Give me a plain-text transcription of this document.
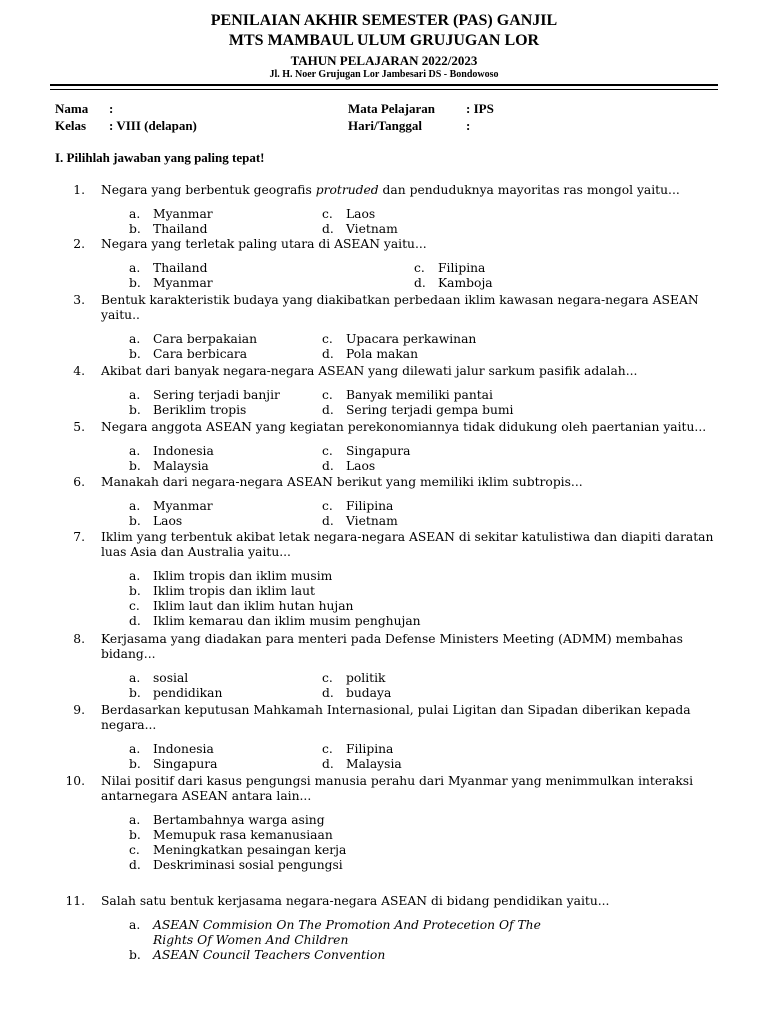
PENILAIAN AKHIR SEMESTER (PAS) GANJIL
MTS MAMBAUL ULUM GRUJUGAN LOR
TAHUN PELAJARAN 2022/2023
Jl. H. Noer Grujugan Lor Jambesari DS - Bondowoso
Nama :
Kelas : VIII (delapan)
Mata Pelajaran : IPS
Hari/Tanggal	:
I. Pilihlah jawaban yang paling tepat!
1. Negara yang berbentuk geografis protruded dan penduduknya mayoritas ras mongol yaitu...
a. Myanmar	c. Laos
b. Thailand	d. Vietnam
2. Negara yang terletak paling utara di ASEAN yaitu...
a. Thailand	c. Filipina
b. Myanmar	d. Kamboja
3. Bentuk karakteristik budaya yang diakibatkan perbedaan iklim kawasan negara-negara ASEAN yaitu..
a. Cara berpakaian	c. Upacara perkawinan
b. Cara berbicara	d. Pola makan
4. Akibat dari banyak negara-negara ASEAN yang dilewati jalur sarkum pasifik adalah...
a. Sering terjadi banjir	c. Banyak memiliki pantai
b. Beriklim tropis	d. Sering terjadi gempa bumi
5. Negara anggota ASEAN yang kegiatan perekonomiannya tidak didukung oleh paertanian yaitu...
a. Indonesia	c. Singapura
b. Malaysia	d. Laos
6. Manakah dari negara-negara ASEAN berikut yang memiliki iklim subtropis...
a. Myanmar	c. Filipina
b. Laos	d. Vietnam
7. Iklim yang terbentuk akibat letak negara-negara ASEAN di sekitar katulistiwa dan diapiti daratan luas Asia dan Australia yaitu...
a. Iklim tropis dan iklim musim
b. Iklim tropis dan iklim laut
c. Iklim laut dan iklim hutan hujan
d. Iklim kemarau dan iklim musim penghujan
8. Kerjasama yang diadakan para menteri pada Defense Ministers Meeting (ADMM) membahas bidang...
a. sosial	c. politik
b. pendidikan	d. budaya
9. Berdasarkan keputusan Mahkamah Internasional, pulai Ligitan dan Sipadan diberikan kepada negara...
a. Indonesia	c. Filipina
b. Singapura	d. Malaysia
10. Nilai positif dari kasus pengungsi manusia perahu dari Myanmar yang menimmulkan interaksi antarnegara ASEAN antara lain...
a. Bertambahnya warga asing
b. Memupuk rasa kemanusiaan
c. Meningkatkan pesaingan kerja
d. Deskriminasi sosial pengungsi
11. Salah satu bentuk kerjasama negara-negara ASEAN di bidang pendidikan yaitu...
a. ASEAN Commision On The Promotion And Protecetion Of The
Rights Of Women And Children
b. ASEAN Council Teachers Convention
